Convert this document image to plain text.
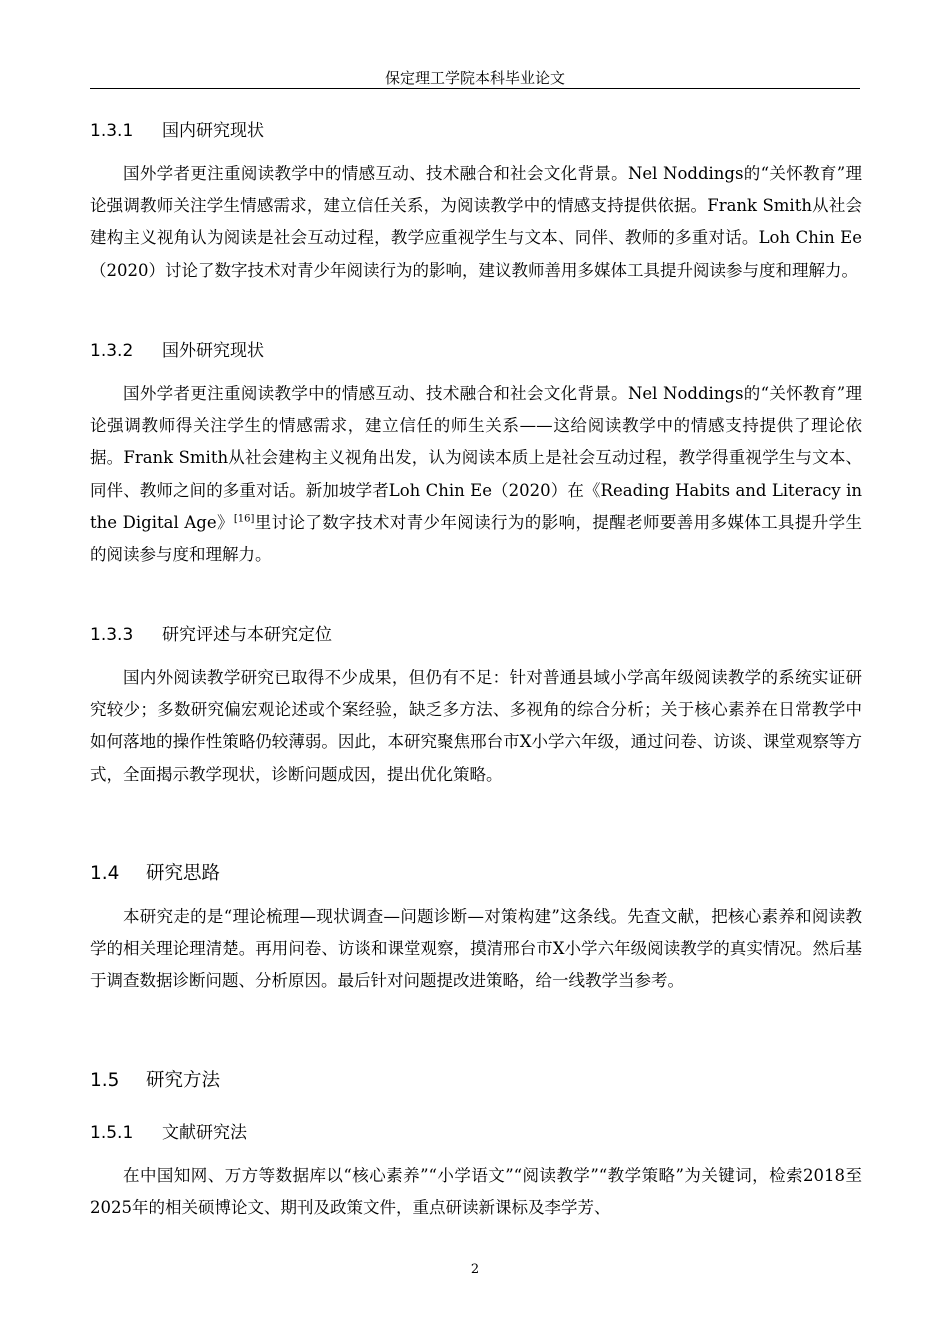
保定理工学院本科毕业论文
1.3.1 国内研究现状
国外学者更注重阅读教学中的情感互动、技术融合和社会文化背景。Nel Noddings的“关怀教育”理论强调教师关注学生情感需求，建立信任关系，为阅读教学中的情感支持提供依据。Frank Smith从社会建构主义视角认为阅读是社会互动过程，教学应重视学生与文本、同伴、教师的多重对话。Loh Chin Ee（2020）讨论了数字技术对青少年阅读行为的影响，建议教师善用多媒体工具提升阅读参与度和理解力。
1.3.2 国外研究现状
国外学者更注重阅读教学中的情感互动、技术融合和社会文化背景。Nel Noddings的“关怀教育”理论强调教师得关注学生的情感需求，建立信任的师生关系——这给阅读教学中的情感支持提供了理论依据。Frank Smith从社会建构主义视角出发，认为阅读本质上是社会互动过程，教学得重视学生与文本、同伴、教师之间的多重对话。新加坡学者Loh Chin Ee（2020）在《Reading Habits and Literacy in the Digital Age》[16]里讨论了数字技术对青少年阅读行为的影响，提醒老师要善用多媒体工具提升学生的阅读参与度和理解力。
1.3.3 研究评述与本研究定位
国内外阅读教学研究已取得不少成果，但仍有不足：针对普通县域小学高年级阅读教学的系统实证研究较少；多数研究偏宏观论述或个案经验，缺乏多方法、多视角的综合分析；关于核心素养在日常教学中如何落地的操作性策略仍较薄弱。因此，本研究聚焦邢台市X小学六年级，通过问卷、访谈、课堂观察等方式，全面揭示教学现状，诊断问题成因，提出优化策略。
1.4 研究思路
本研究走的是“理论梳理—现状调查—问题诊断—对策构建”这条线。先查文献，把核心素养和阅读教学的相关理论理清楚。再用问卷、访谈和课堂观察，摸清邢台市X小学六年级阅读教学的真实情况。然后基于调查数据诊断问题、分析原因。最后针对问题提改进策略，给一线教学当参考。
1.5 研究方法
1.5.1 文献研究法
在中国知网、万方等数据库以“核心素养”“小学语文”“阅读教学”“教学策略”为关键词，检索2018至2025年的相关硕博论文、期刊及政策文件，重点研读新课标及李学芳、
2
